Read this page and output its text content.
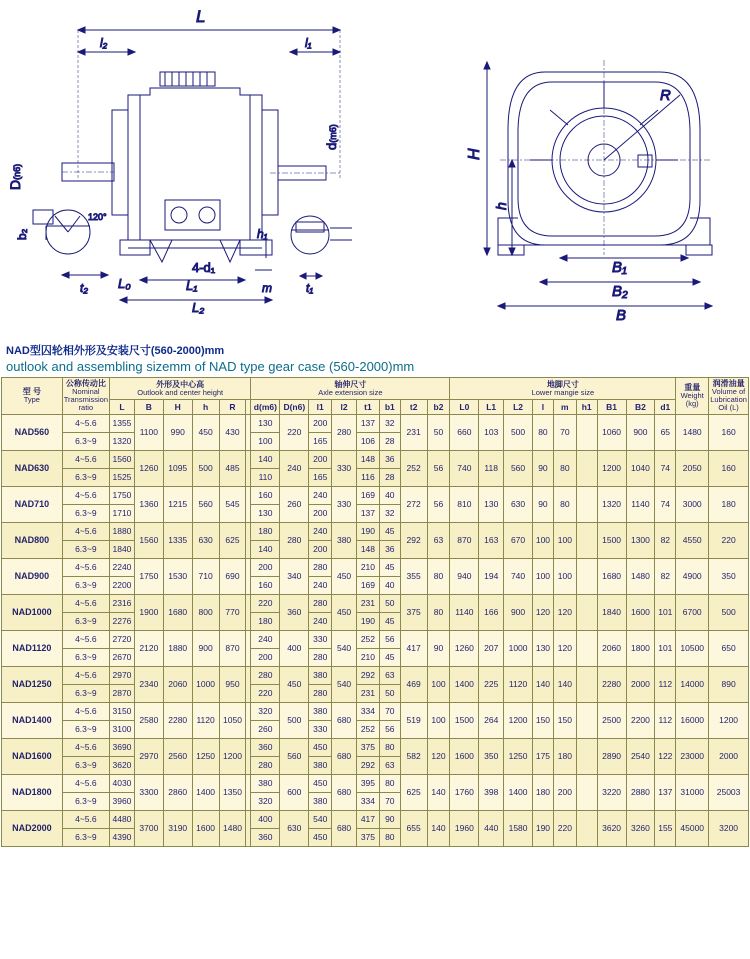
L
l₂	l₁
D(n6)
d(m6)
b₂
120°
t₂ L₀	L₁
L₂
4-d₁
m
h₁
t₁
R
H
h
B₁
B₂
B
NAD型囚轮相外形及安装尺寸(560-2000)mm
outlook and assembling sizemm of NAD type gear case (560-2000)mm
型 号
Type	公称传动比
Nominal Transmission ratio	外形及中心高
Outlook and center height						轴伸尺寸
Axle extension size								地脚尺寸
Lower mangie size									重量
Weight (kg)	润滑油量
Volume of Lubrication Oil (L)

		L	B	H	h	R		d(m6)	D(n6)	l1	l2	t1	b1	t2	b2	L0	L1	L2	l	m	h1	B1	B2	d1		
NAD560	4~5.6	1355	1100	990	450	430		130	220	200	280	137	32	231	50	660	103	500	80	70		1060	900	65	1480	160
	6.3~9	1320						100		165		106	28													
NAD630	4~5.6	1560	1260	1095	500	485		140	240	200	330	148	36	252	56	740	118	560	90	80		1200	1040	74	2050	160
	6.3~9	1525						110		165		116	28													
NAD710	4~5.6	1750	1360	1215	560	545		160	260	240	330	169	40	272	56	810	130	630	90	80		1320	1140	74	3000	180
	6.3~9	1710						130		200		137	32													
NAD800	4~5.6	1880	1560	1335	630	625		180	280	240	380	190	45	292	63	870	163	670	100	100		1500	1300	82	4550	220
	6.3~9	1840						140		200		148	36													
NAD900	4~5.6	2240	1750	1530	710	690		200	340	280	450	210	45	355	80	940	194	740	100	100		1680	1480	82	4900	350
	6.3~9	2200						160		240		169	40													
NAD1000	4~5.6	2316	1900	1680	800	770		220	360	280	450	231	50	375	80	1140	166	900	120	120		1840	1600	101	6700	500
	6.3~9	2276						180		240		190	45													
NAD1120	4~5.6	2720	2120	1880	900	870		240	400	330	540	252	56	417	90	1260	207	1000	130	120		2060	1800	101	10500	650
	6.3~9	2670						200		280		210	45													
NAD1250	4~5.6	2970	2340	2060	1000	950		280	450	380	540	292	63	469	100	1400	225	1120	140	140		2280	2000	112	14000	890
	6.3~9	2870						220		280		231	50													
NAD1400	4~5.6	3150	2580	2280	1120	1050		320	500	380	680	334	70	519	100	1500	264	1200	150	150		2500	2200	112	16000	1200
	6.3~9	3100						260		330		252	56													
NAD1600	4~5.6	3690	2970	2560	1250	1200		360	560	450	680	375	80	582	120	1600	350	1250	175	180		2890	2540	122	23000	2000
	6.3~9	3620						280		380		292	63													
NAD1800	4~5.6	4030	3300	2860	1400	1350		380	600	450	680	395	80	625	140	1760	398	1400	180	200		3220	2880	137	31000	25003
	6.3~9	3960						320		380		334	70													
NAD2000	4~5.6	4480	3700	3190	1600	1480		400	630	540	680	417	90	655	140	1960	440	1580	190	220		3620	3260	155	45000	3200
	6.3~9	4390						360		450		375	80													
